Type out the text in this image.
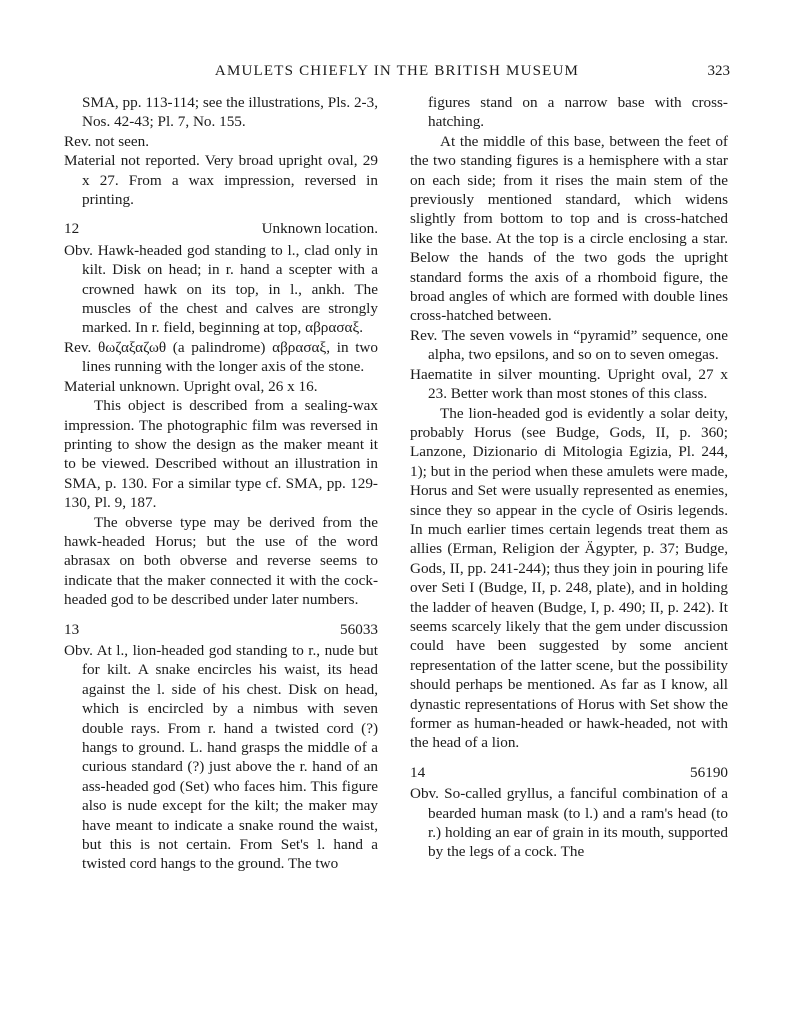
AMULETS CHIEFLY IN THE BRITISH MUSEUM	323

SMA, pp. 113-114; see the illustrations, Pls. 2-3, Nos. 42-43; Pl. 7, No. 155.

Rev. not seen.

Material not reported. Very broad upright oval, 29 x 27. From a wax impression, reversed in printing.

12	Unknown location.

Obv. Hawk-headed god standing to l., clad only in kilt. Disk on head; in r. hand a scepter with a crowned hawk on its top, in l., ankh. The muscles of the chest and calves are strongly marked. In r. field, beginning at top, αβρασαξ.

Rev. θωζαξαζωθ (a palindrome) αβρασαξ, in two lines running with the longer axis of the stone.

Material unknown. Upright oval, 26 x 16.

This object is described from a sealing-wax impression. The photographic film was reversed in printing to show the design as the maker meant it to be viewed. Described without an illustration in SMA, p. 130. For a similar type cf. SMA, pp. 129-130, Pl. 9, 187.

The obverse type may be derived from the hawk-headed Horus; but the use of the word abrasax on both obverse and reverse seems to indicate that the maker connected it with the cock-headed god to be described under later numbers.

13	56033

Obv. At l., lion-headed god standing to r., nude but for kilt. A snake encircles his waist, its head against the l. side of his chest. Disk on head, which is encircled by a nimbus with seven double rays. From r. hand a twisted cord (?) hangs to ground. L. hand grasps the middle of a curious standard (?) just above the r. hand of an ass-headed god (Set) who faces him. This figure also is nude except for the kilt; the maker may have meant to indicate a snake round the waist, but this is not certain. From Set's l. hand a twisted cord hangs to the ground. The two

figures stand on a narrow base with cross-hatching.

At the middle of this base, between the feet of the two standing figures is a hemisphere with a star on each side; from it rises the main stem of the previously mentioned standard, which widens slightly from bottom to top and is cross-hatched like the base. At the top is a circle enclosing a star. Below the hands of the two gods the upright standard forms the axis of a rhomboid figure, the broad angles of which are formed with double lines cross-hatched between.

Rev. The seven vowels in “pyramid” sequence, one alpha, two epsilons, and so on to seven omegas.

Haematite in silver mounting. Upright oval, 27 x 23. Better work than most stones of this class.

The lion-headed god is evidently a solar deity, probably Horus (see Budge, Gods, II, p. 360; Lanzone, Dizionario di Mitologia Egizia, Pl. 244, 1); but in the period when these amulets were made, Horus and Set were usually represented as enemies, since they so appear in the cycle of Osiris legends. In much earlier times certain legends treat them as allies (Erman, Religion der Ägypter, p. 37; Budge, Gods, II, pp. 241-244); thus they join in pouring life over Seti I (Budge, II, p. 248, plate), and in holding the ladder of heaven (Budge, I, p. 490; II, p. 242). It seems scarcely likely that the gem under discussion could have been suggested by some ancient representation of the latter scene, but the possibility should perhaps be mentioned. As far as I know, all dynastic representations of Horus with Set show the former as human-headed or hawk-headed, not with the head of a lion.

14	56190

Obv. So-called gryllus, a fanciful combination of a bearded human mask (to l.) and a ram's head (to r.) holding an ear of grain in its mouth, supported by the legs of a cock. The
